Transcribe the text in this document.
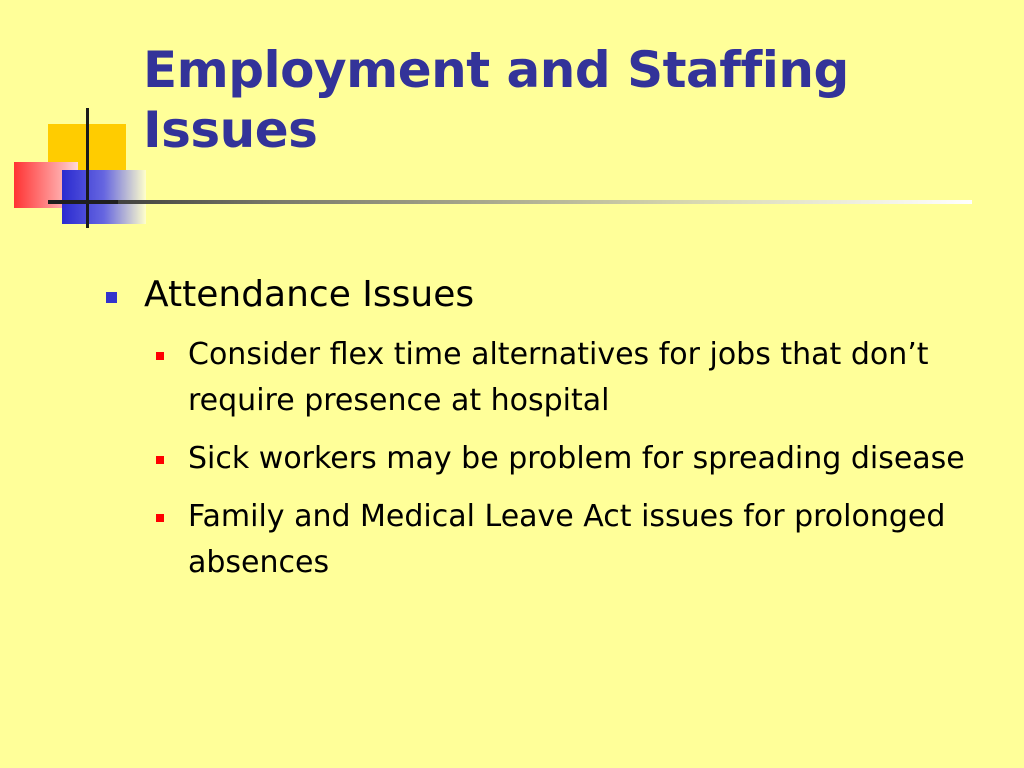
Employment and Staffing Issues
Attendance Issues
Consider flex time alternatives for jobs that don’t require presence at hospital
Sick workers may be problem for spreading disease
Family and Medical Leave Act issues for prolonged absences
